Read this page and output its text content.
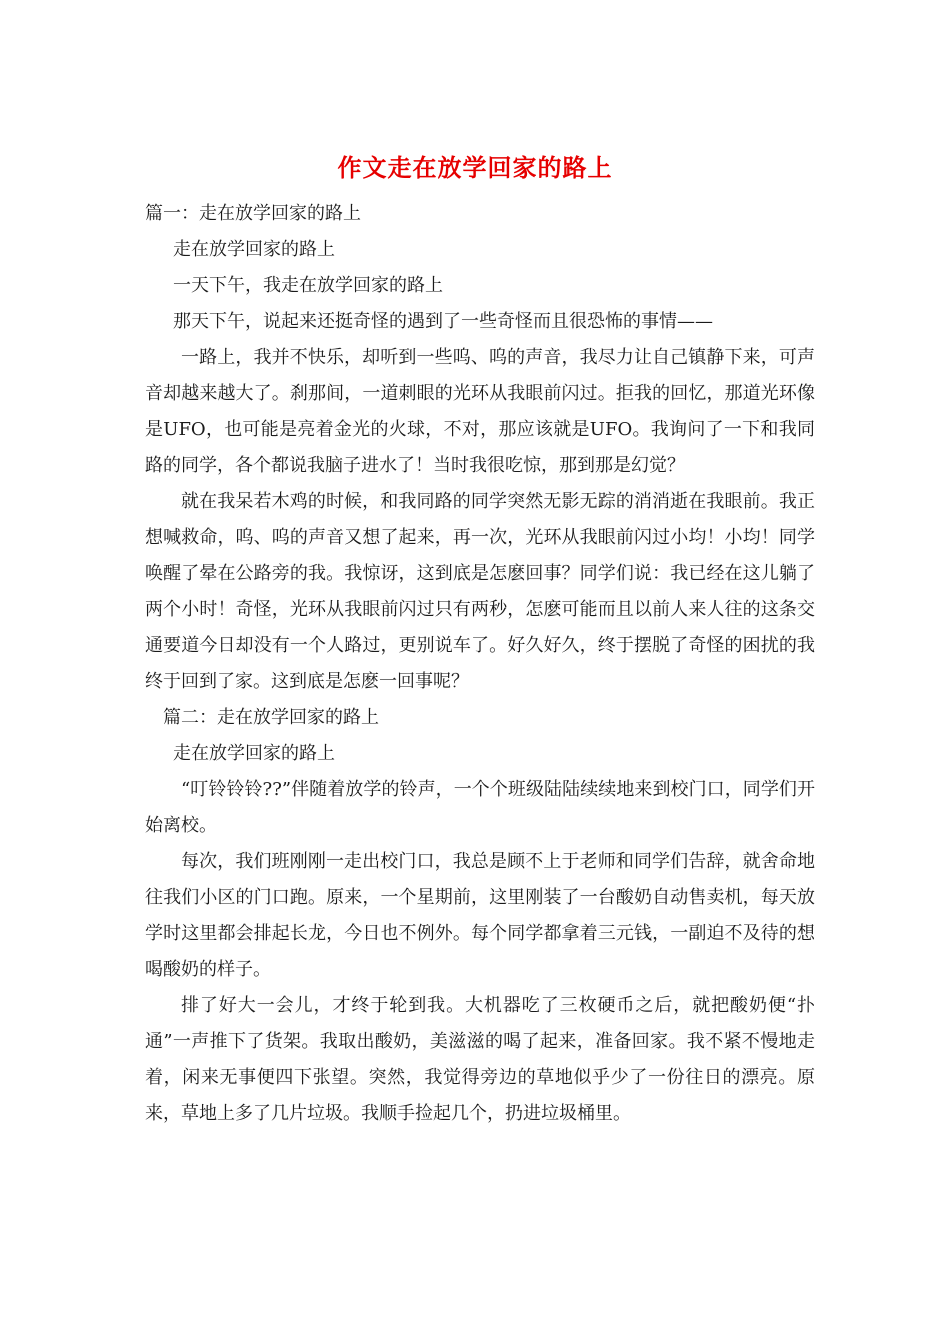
作文走在放学回家的路上

篇一：走在放学回家的路上

走在放学回家的路上

一天下午，我走在放学回家的路上

那天下午，说起来还挺奇怪的遇到了一些奇怪而且很恐怖的事情——

一路上，我并不快乐，却听到一些呜、呜的声音，我尽力让自己镇静下来，可声音却越来越大了。刹那间，一道刺眼的光环从我眼前闪过。拒我的回忆，那道光环像是UFO，也可能是亮着金光的火球，不对，那应该就是UFO。我询问了一下和我同路的同学，各个都说我脑子进水了！当时我很吃惊，那到那是幻觉？

就在我呆若木鸡的时候，和我同路的同学突然无影无踪的消消逝在我眼前。我正想喊救命，呜、呜的声音又想了起来，再一次，光环从我眼前闪过小均！小均！同学唤醒了晕在公路旁的我。我惊讶，这到底是怎麽回事？同学们说：我已经在这儿躺了两个小时！奇怪，光环从我眼前闪过只有两秒，怎麽可能而且以前人来人往的这条交通要道今日却没有一个人路过，更别说车了。好久好久，终于摆脱了奇怪的困扰的我终于回到了家。这到底是怎麽一回事呢？

篇二：走在放学回家的路上

走在放学回家的路上

“叮铃铃铃??”伴随着放学的铃声，一个个班级陆陆续续地来到校门口，同学们开始离校。

每次，我们班刚刚一走出校门口，我总是顾不上于老师和同学们告辞，就舍命地往我们小区的门口跑。原来，一个星期前，这里刚装了一台酸奶自动售卖机，每天放学时这里都会排起长龙，今日也不例外。每个同学都拿着三元钱，一副迫不及待的想喝酸奶的样子。

排了好大一会儿，才终于轮到我。大机器吃了三枚硬币之后，就把酸奶便“扑通”一声推下了货架。我取出酸奶，美滋滋的喝了起来，准备回家。我不紧不慢地走着，闲来无事便四下张望。突然，我觉得旁边的草地似乎少了一份往日的漂亮。原来，草地上多了几片垃圾。我顺手捡起几个，扔进垃圾桶里。
